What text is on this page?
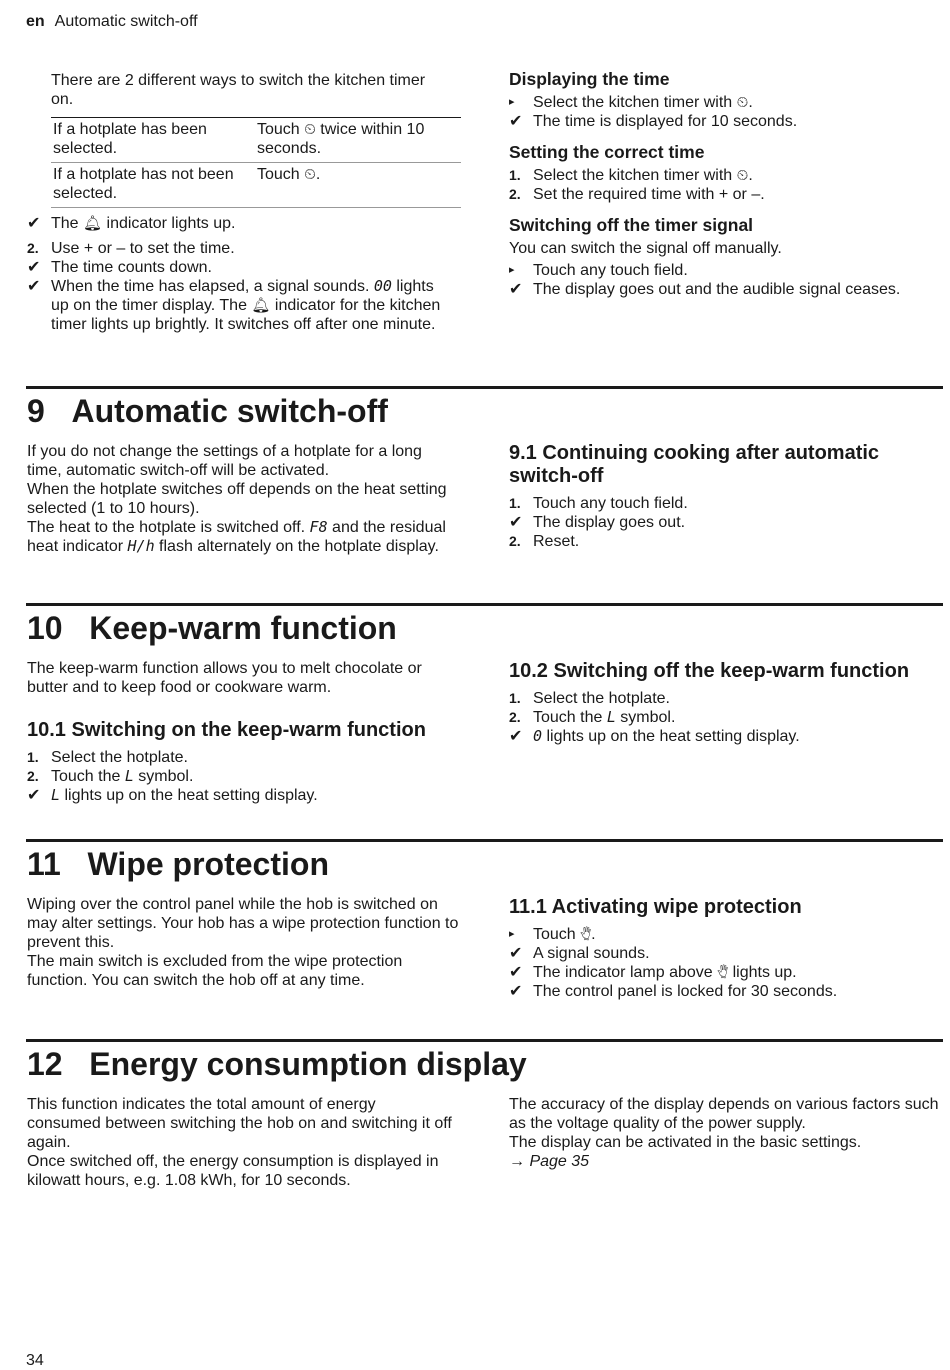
en Automatic switch-off

There are 2 different ways to switch the kitchen timer on.

If a hotplate has been selected.	Touch ⏲ twice within 10 seconds.
If a hotplate has not been selected.	Touch ⏲.
✔ The 🔔︎ indicator lights up.
2. Use + or – to set the time.
✔ The time counts down.
✔ When the time has elapsed, a signal sounds. 00 lights up on the timer display. The 🔔︎ indicator for the kitchen timer lights up brightly. It switches off after one minute.
Displaying the time
▸	Select the kitchen timer with ⏲.
✔ The time is displayed for 10 seconds.
Setting the correct time
1. Select the kitchen timer with ⏲.
2. Set the required time with + or –.
Switching off the timer signal

You can switch the signal off manually.

▸	Touch any touch field.
✔ The display goes out and the audible signal ceases.
9 Automatic switch-off

If you do not change the settings of a hotplate for a long time, automatic switch-off will be activated.

When the hotplate switches off depends on the heat setting selected (1 to 10 hours).

The heat to the hotplate is switched off. F8 and the residual heat indicator H/h flash alternately on the hotplate display.

9.1 Continuing cooking after automatic switch-off
1. Touch any touch field.
✔ The display goes out.
2. Reset.
10 Keep-warm function

The keep-warm function allows you to melt chocolate or butter and to keep food or cookware warm.

10.1 Switching on the keep-warm function
1. Select the hotplate.
2. Touch the L symbol.
✔ L lights up on the heat setting display.
10.2 Switching off the keep-warm function
1. Select the hotplate.
2. Touch the L symbol.
✔ 0 lights up on the heat setting display.
11 Wipe protection

Wiping over the control panel while the hob is switched on may alter settings. Your hob has a wipe protection function to prevent this.

The main switch is excluded from the wipe protection function. You can switch the hob off at any time.

11.1 Activating wipe protection
▸	Touch 🖐︎.
✔ A signal sounds.
✔ The indicator lamp above 🖐︎ lights up.
✔ The control panel is locked for 30 seconds.
12 Energy consumption display

This function indicates the total amount of energy consumed between switching the hob on and switching it off again.

Once switched off, the energy consumption is displayed in kilowatt hours, e.g. 1.08 kWh, for 10 seconds.

The accuracy of the display depends on various factors such as the voltage quality of the power supply.

The display can be activated in the basic settings.

→ Page 35

34
